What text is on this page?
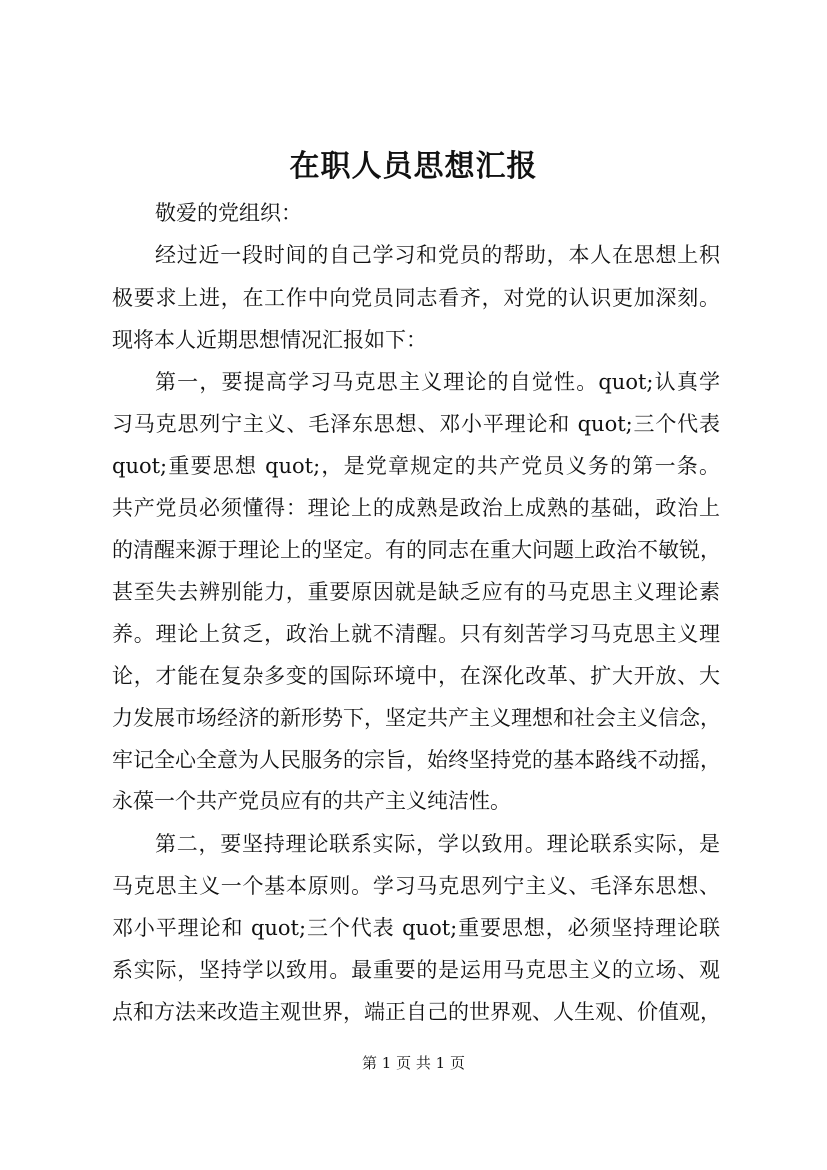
在职人员思想汇报

敬爱的党组织：

经过近一段时间的自己学习和党员的帮助，本人在思想上积

极要求上进，在工作中向党员同志看齐，对党的认识更加深刻。

现将本人近期思想情况汇报如下：

第一，要提高学习马克思主义理论的自觉性。quot;认真学

习马克思列宁主义、毛泽东思想、邓小平理论和 quot;三个代表

quot;重要思想 quot;，是党章规定的共产党员义务的第一条。

共产党员必须懂得：理论上的成熟是政治上成熟的基础，政治上

的清醒来源于理论上的坚定。有的同志在重大问题上政治不敏锐，

甚至失去辨别能力，重要原因就是缺乏应有的马克思主义理论素

养。理论上贫乏，政治上就不清醒。只有刻苦学习马克思主义理

论，才能在复杂多变的国际环境中，在深化改革、扩大开放、大

力发展市场经济的新形势下，坚定共产主义理想和社会主义信念，

牢记全心全意为人民服务的宗旨，始终坚持党的基本路线不动摇，

永葆一个共产党员应有的共产主义纯洁性。

第二，要坚持理论联系实际，学以致用。理论联系实际，是

马克思主义一个基本原则。学习马克思列宁主义、毛泽东思想、

邓小平理论和 quot;三个代表 quot;重要思想，必须坚持理论联

系实际，坚持学以致用。最重要的是运用马克思主义的立场、观

点和方法来改造主观世界，端正自己的世界观、人生观、价值观，

第 1 页 共 1 页
